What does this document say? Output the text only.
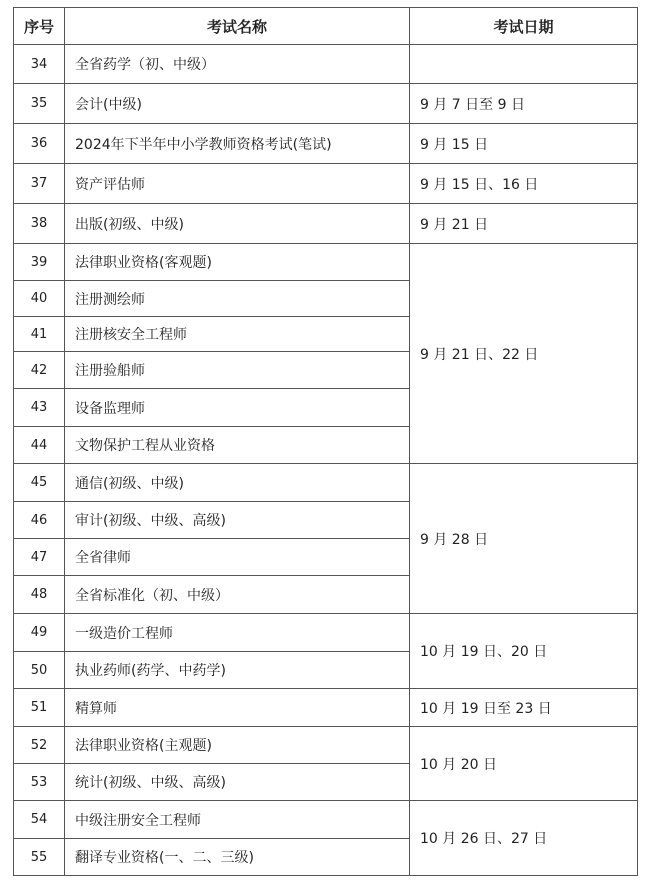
序号	考试名称	考试日期
34	全省药学（初、中级）	
35	会计(中级)	9 月 7 日至 9 日
36	2024年下半年中小学教师资格考试(笔试)	9 月 15 日
37	资产评估师	9 月 15 日、16 日
38	出版(初级、中级)	9 月 21 日
39	法律职业资格(客观题)	9 月 21 日、22 日
40	注册测绘师	
41	注册核安全工程师	
42	注册验船师	
43	设备监理师	
44	文物保护工程从业资格	
45	通信(初级、中级)	9 月 28 日
46	审计(初级、中级、高级)	
47	全省律师	
48	全省标准化（初、中级）	
49	一级造价工程师	10 月 19 日、20 日
50	执业药师(药学、中药学)	
51	精算师	10 月 19 日至 23 日
52	法律职业资格(主观题)	10 月 20 日
53	统计(初级、中级、高级)	
54	中级注册安全工程师	10 月 26 日、27 日
55	翻译专业资格(一、二、三级)	
